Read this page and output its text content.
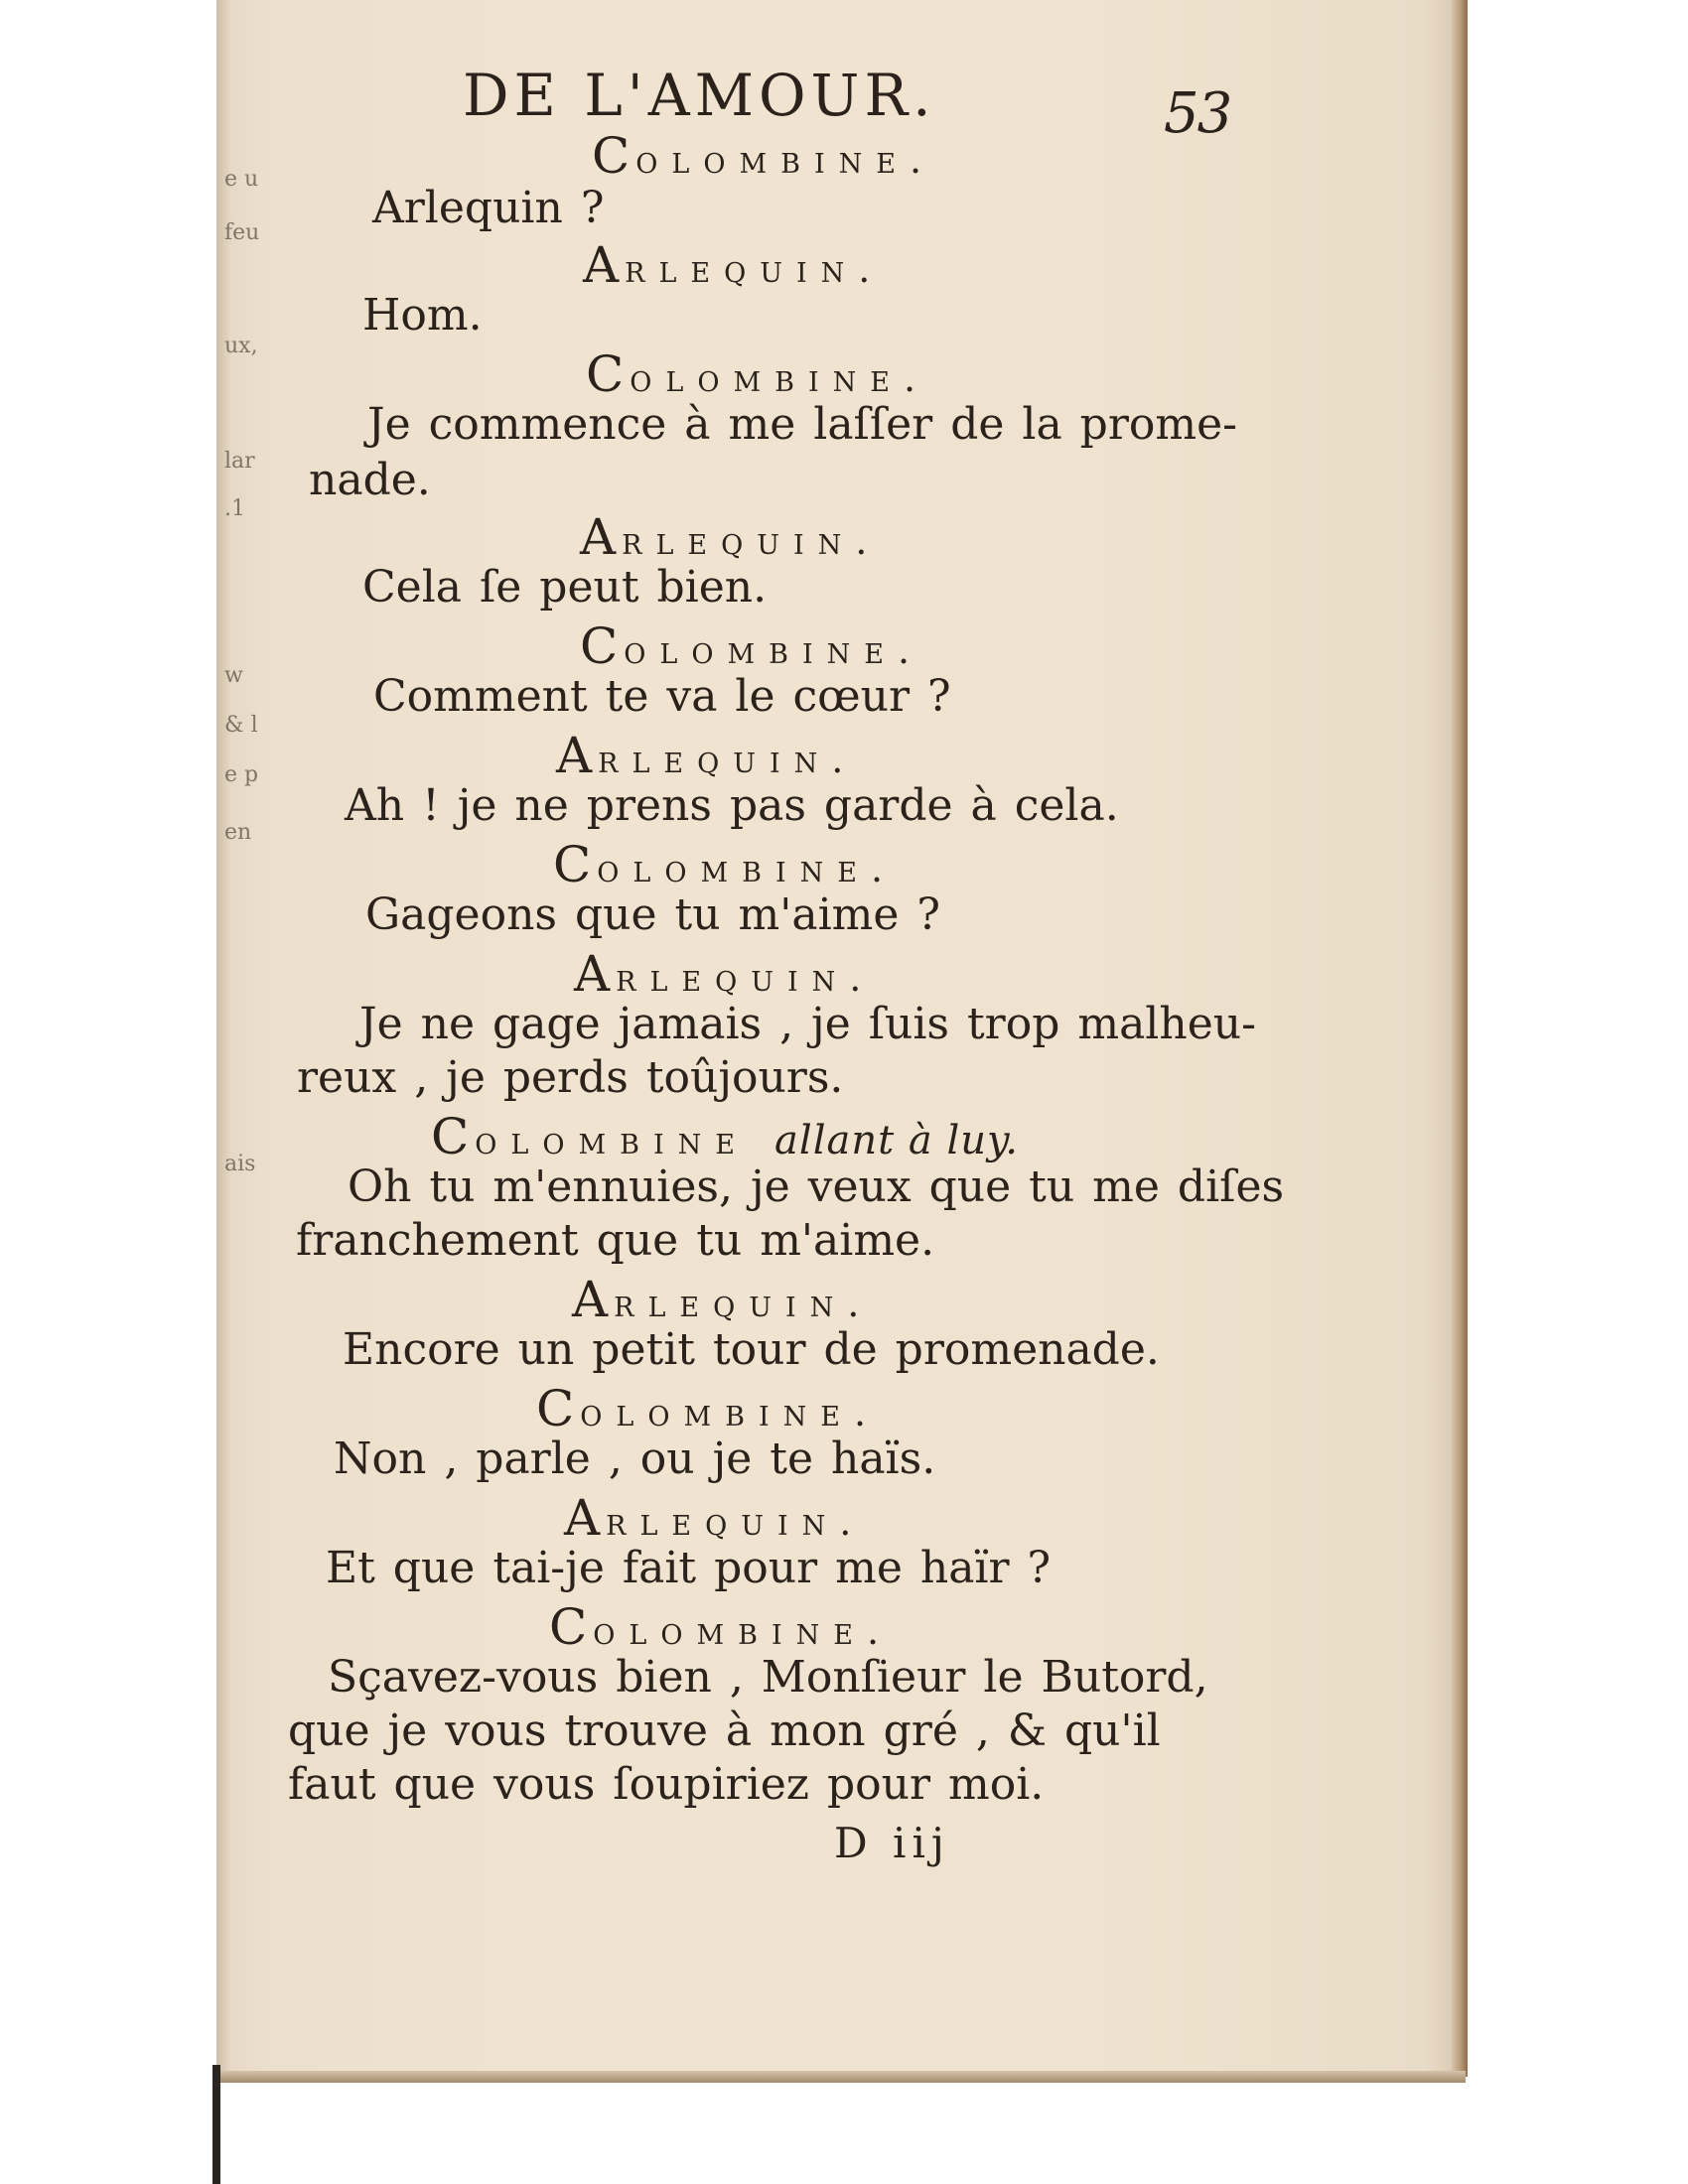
e u
feu
ux,
lar
.1
w
& l
e p
en
ais
DE L'AMOUR.	53
Colombine.
Arlequin ?
Arlequin.
Hom.
Colombine.
Je commence à me laſſer de la prome-
nade.
Arlequin.
Cela ſe peut bien.
Colombine.
Comment te va le cœur ?
Arlequin.
Ah ! je ne prens pas garde à cela.
Colombine.
Gageons que tu m'aime ?
Arlequin.
Je ne gage jamais , je ſuis trop malheu-
reux , je perds toûjours.
Colombine allant à luy.
Oh tu m'ennuies, je veux que tu me diſes
franchement que tu m'aime.
Arlequin.
Encore un petit tour de promenade.
Colombine.
Non , parle , ou je te haïs.
Arlequin.
Et que tai-je fait pour me haïr ?
Colombine.
Sçavez-vous bien , Monſieur le Butord,
que je vous trouve à mon gré , & qu'il
faut que vous ſoupiriez pour moi.
D iij
